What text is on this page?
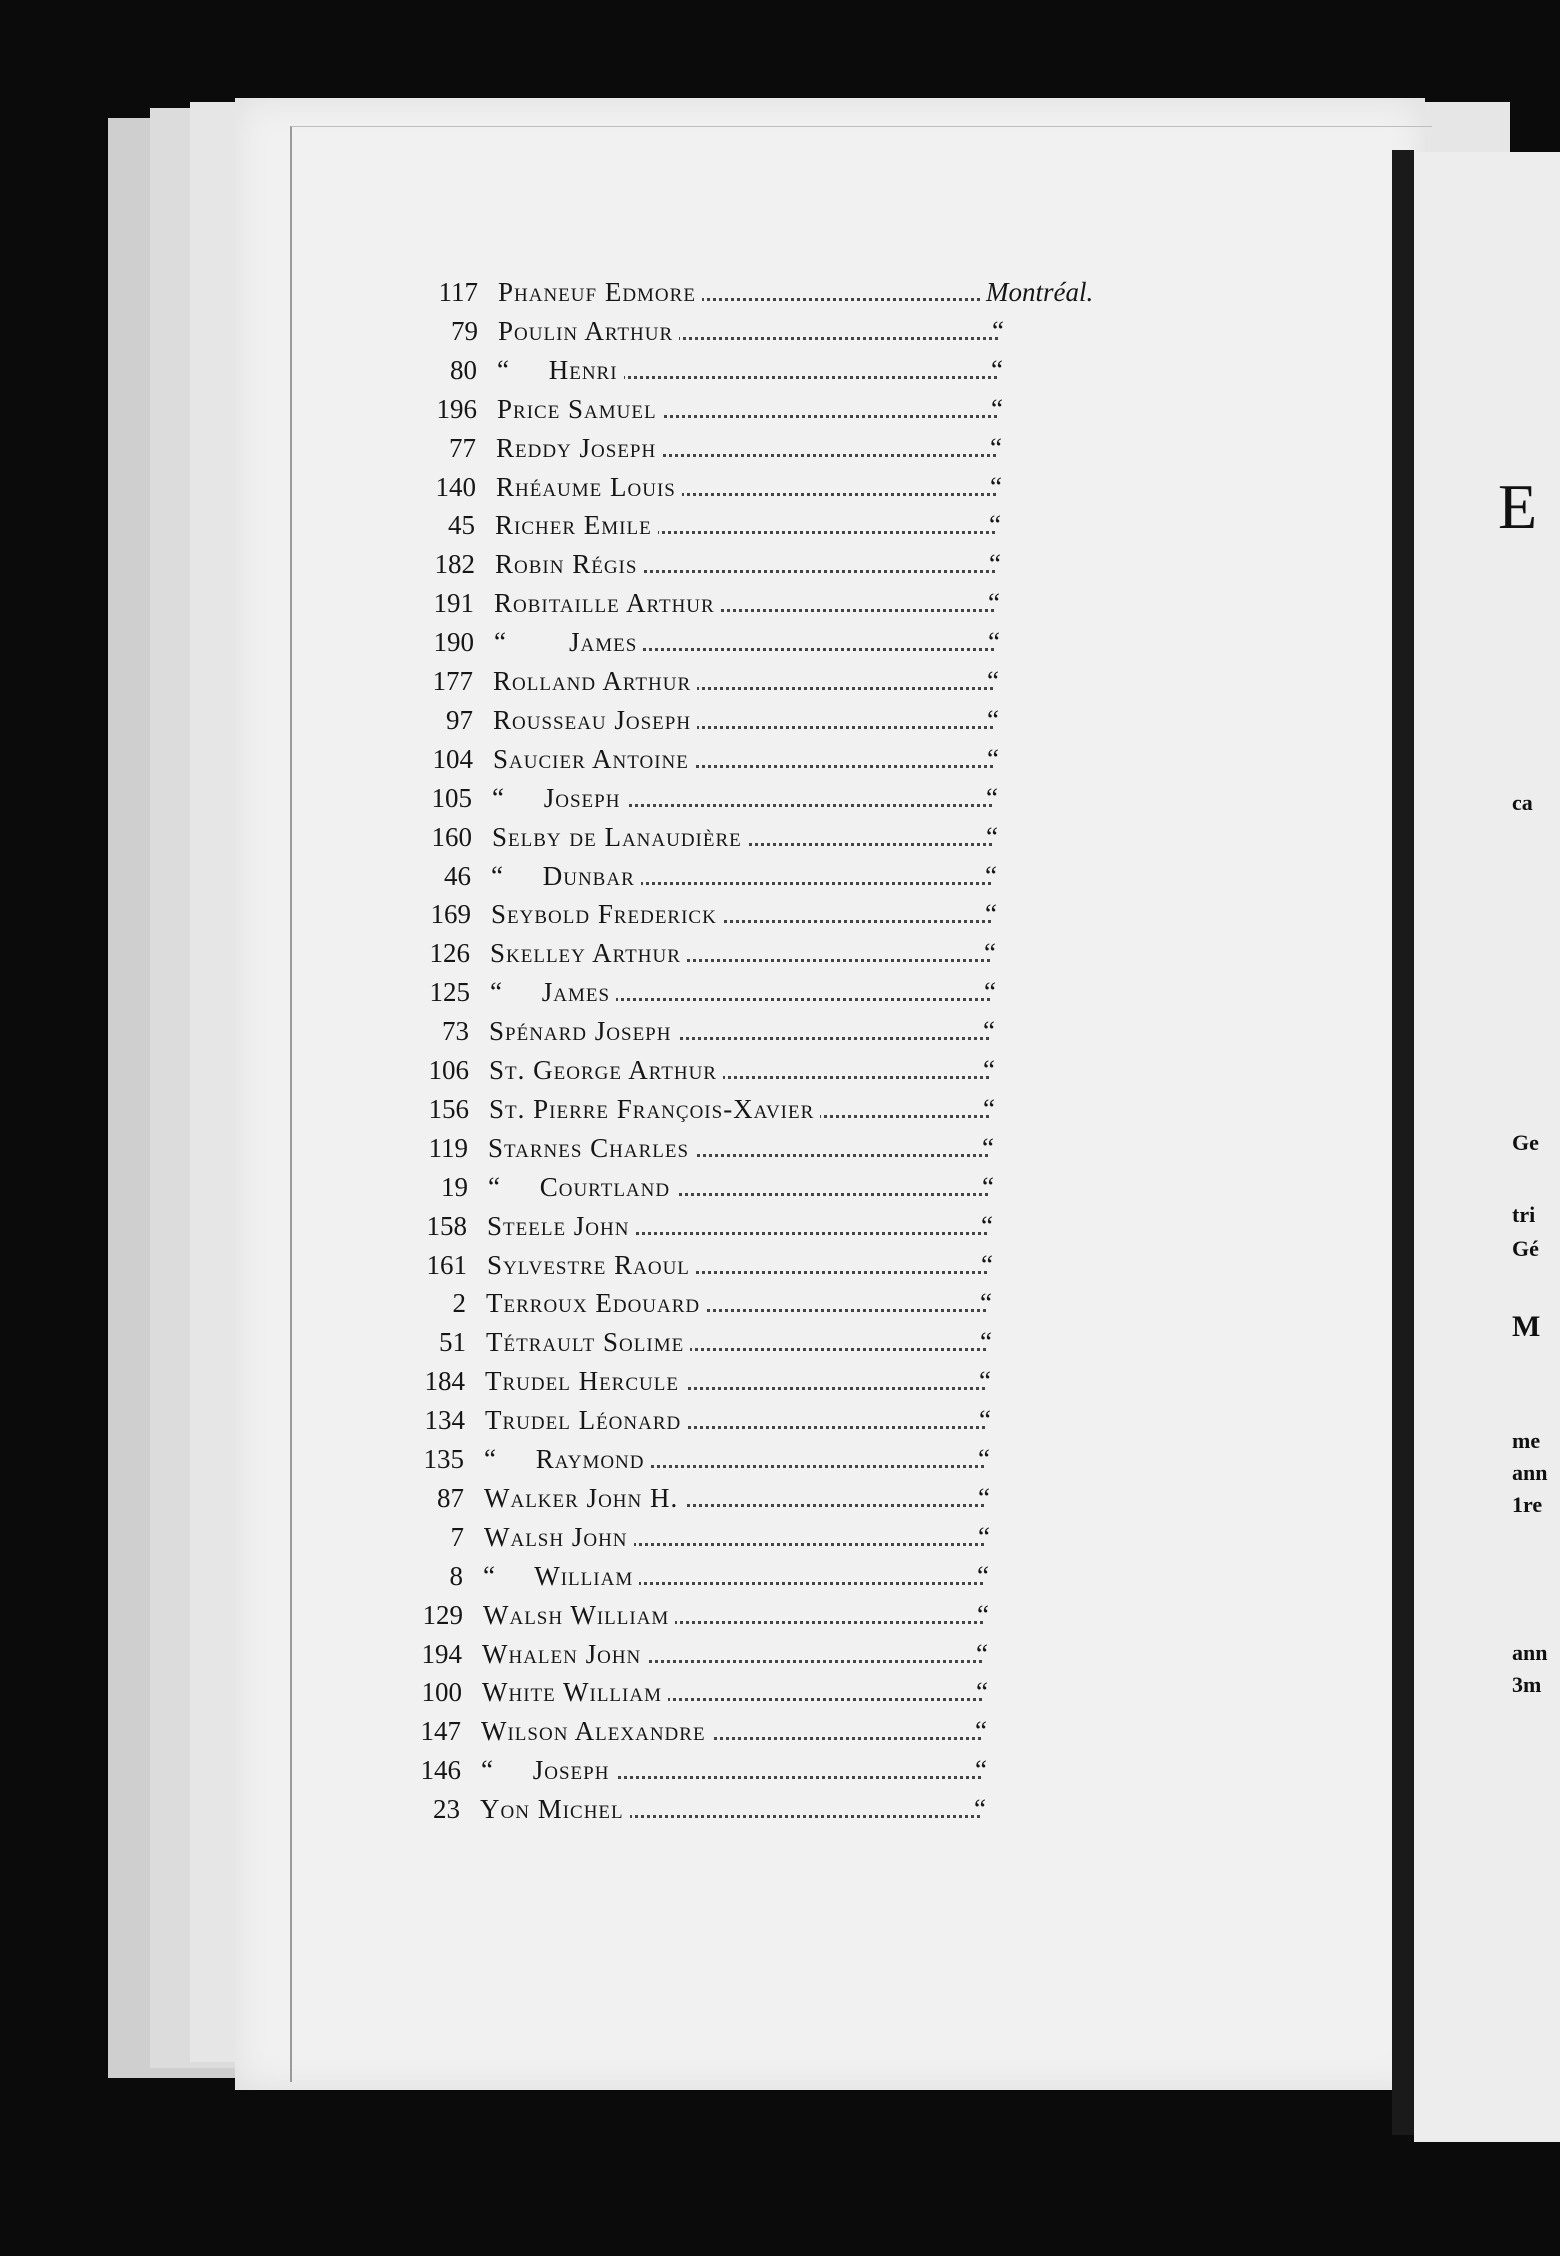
E
ca
Ge
tri
Gé
M
me
ann
1re
ann
3m
117 Phaneuf Edmore	Montréal.
79 Poulin Arthur	“
80 “     Henri	“
196 Price Samuel	“
77 Reddy Joseph	“
140 Rhéaume Louis	“
45 Richer Emile	“
182 Robin Régis	“
191 Robitaille Arthur	“
190 “        James	“
177 Rolland Arthur	“
97 Rousseau Joseph	“
104 Saucier Antoine	“
105 “     Joseph	“
160 Selby de Lanaudière	“
46 “     Dunbar	“
169 Seybold Frederick	“
126 Skelley Arthur	“
125 “     James	“
73 Spénard Joseph	“
106 St. George Arthur	“
156 St. Pierre François-Xavier	“
119 Starnes Charles	“
19 “     Courtland	“
158 Steele John	“
161 Sylvestre Raoul	“
2 Terroux Edouard	“
51 Tétrault Solime	“
184 Trudel Hercule	“
134 Trudel Léonard	“
135 “     Raymond	“
87 Walker John H.	“
7 Walsh John	“
8 “     William	“
129 Walsh William	“
194 Whalen John	“
100 White William	“
147 Wilson Alexandre	“
146 “     Joseph	“
23 Yon Michel	“
